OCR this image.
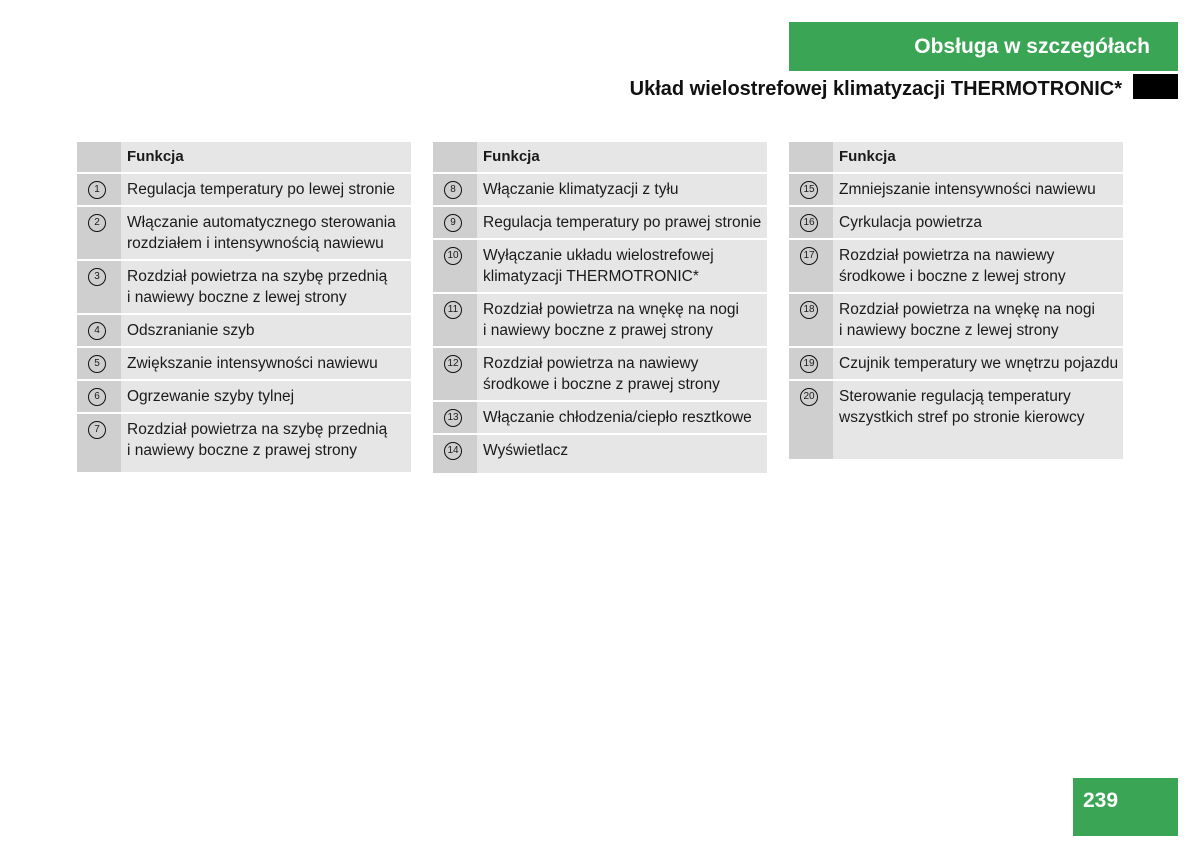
Obsługa w szczegółach
Układ wielostrefowej klimatyzacji THERMOTRONIC*
Funkcja
1	Regulacja temperatury po lewej stronie
2	Włączanie automatycznego sterowania
rozdziałem i intensywnością nawiewu
3	Rozdział powietrza na szybę przednią
i nawiewy boczne z lewej strony
4	Odszranianie szyb
5	Zwiększanie intensywności nawiewu
6	Ogrzewanie szyby tylnej
7	Rozdział powietrza na szybę przednią
i nawiewy boczne z prawej strony
Funkcja
8	Włączanie klimatyzacji z tyłu
9	Regulacja temperatury po prawej stronie
10	Wyłączanie układu wielostrefowej
klimatyzacji THERMOTRONIC*
11	Rozdział powietrza na wnękę na nogi
i nawiewy boczne z prawej strony
12	Rozdział powietrza na nawiewy
środkowe i boczne z prawej strony
13	Włączanie chłodzenia/ciepło resztkowe
14	Wyświetlacz
Funkcja
15	Zmniejszanie intensywności nawiewu
16	Cyrkulacja powietrza
17	Rozdział powietrza na nawiewy
środkowe i boczne z lewej strony
18	Rozdział powietrza na wnękę na nogi
i nawiewy boczne z lewej strony
19	Czujnik temperatury we wnętrzu pojazdu
20	Sterowanie regulacją temperatury
wszystkich stref po stronie kierowcy
239
